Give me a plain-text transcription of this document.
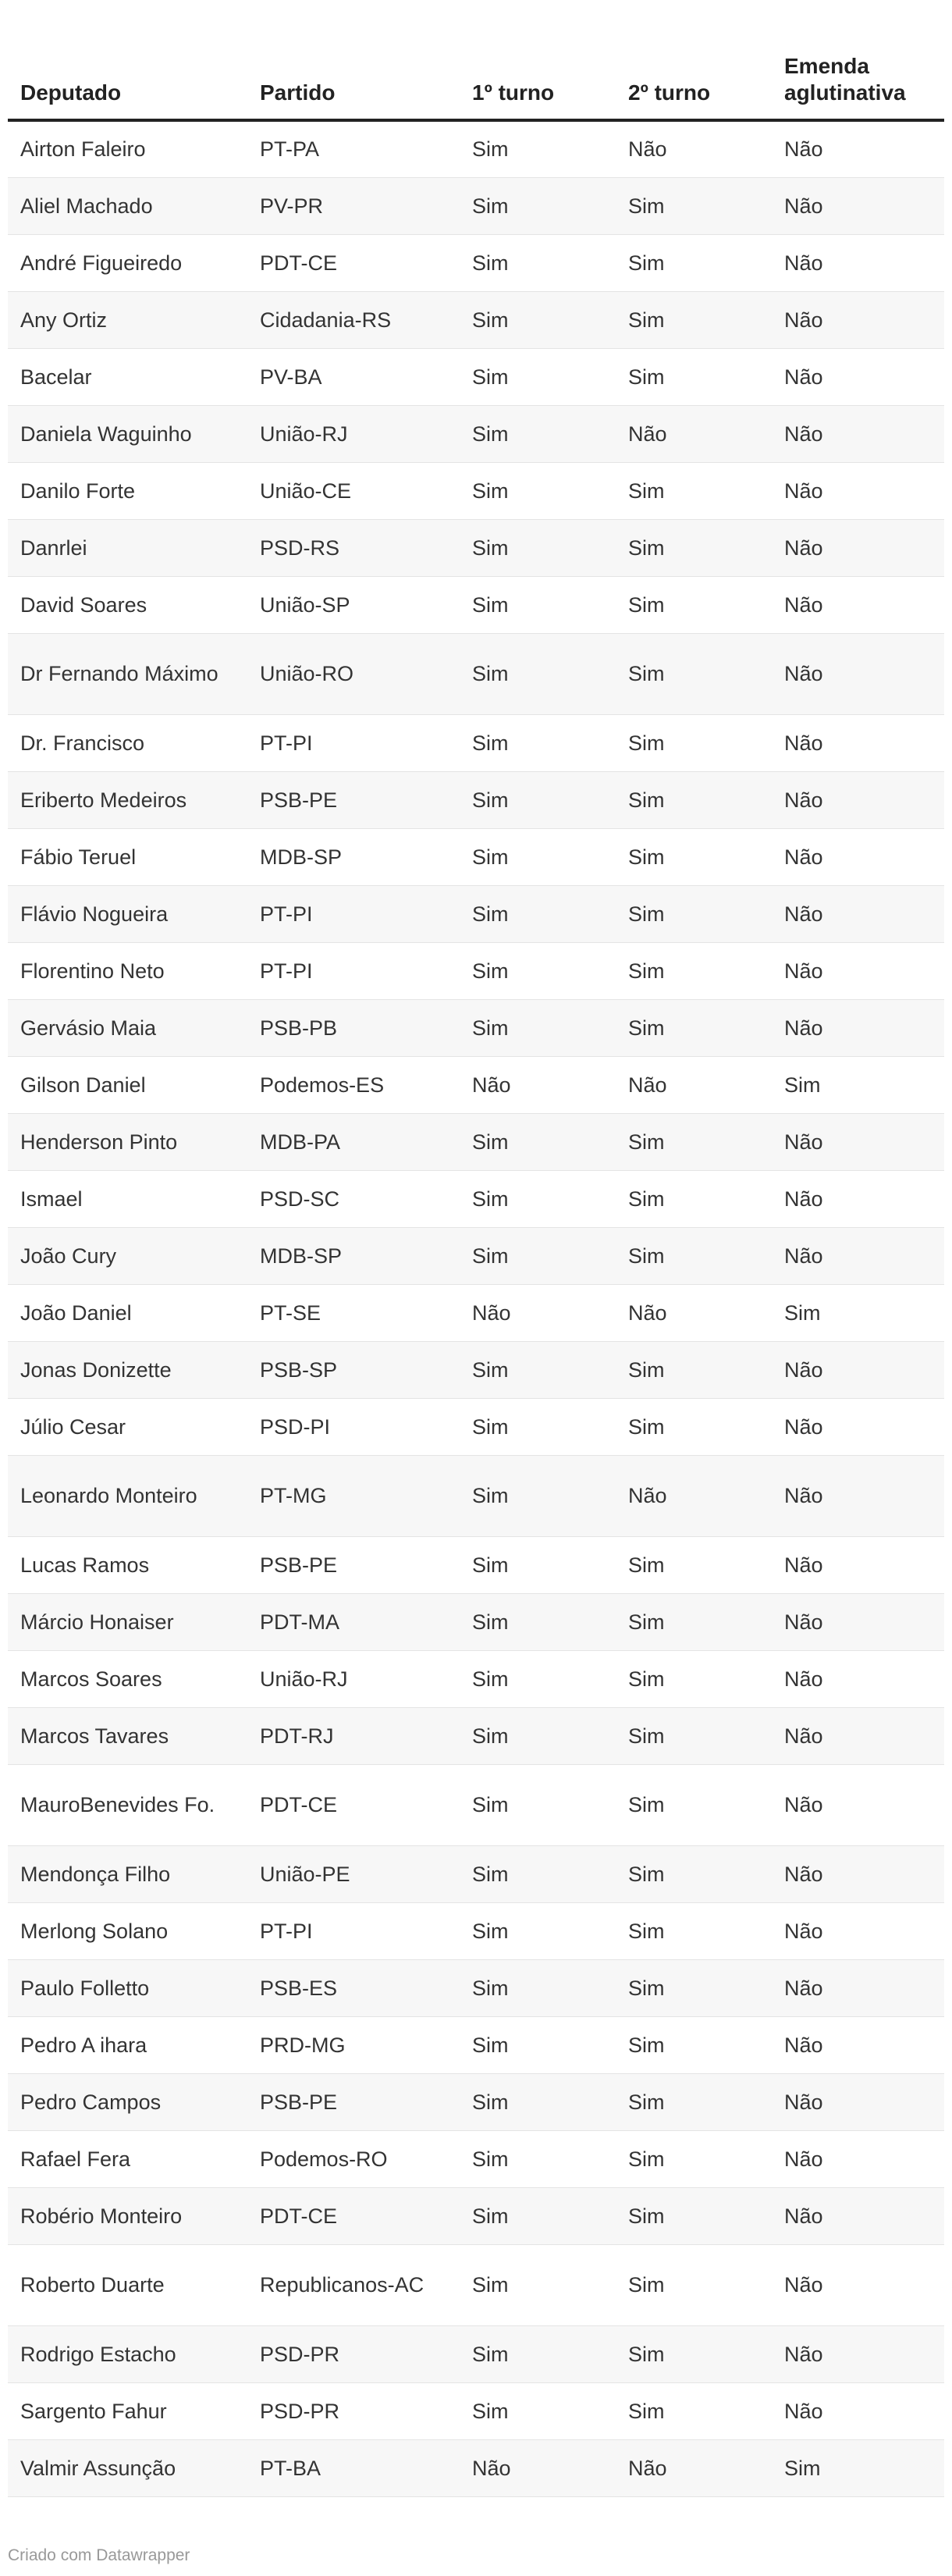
Deputado	Partido	1º turno	2º turno	Emenda aglutinativa
Airton Faleiro	PT-PA	Sim	Não	Não
Aliel Machado	PV-PR	Sim	Sim	Não
André Figueiredo	PDT-CE	Sim	Sim	Não
Any Ortiz	Cidadania-RS	Sim	Sim	Não
Bacelar	PV-BA	Sim	Sim	Não
Daniela Waguinho	União-RJ	Sim	Não	Não
Danilo Forte	União-CE	Sim	Sim	Não
Danrlei	PSD-RS	Sim	Sim	Não
David Soares	União-SP	Sim	Sim	Não
Dr Fernando Máximo	União-RO	Sim	Sim	Não
Dr. Francisco	PT-PI	Sim	Sim	Não
Eriberto Medeiros	PSB-PE	Sim	Sim	Não
Fábio Teruel	MDB-SP	Sim	Sim	Não
Flávio Nogueira	PT-PI	Sim	Sim	Não
Florentino Neto	PT-PI	Sim	Sim	Não
Gervásio Maia	PSB-PB	Sim	Sim	Não
Gilson Daniel	Podemos-ES	Não	Não	Sim
Henderson Pinto	MDB-PA	Sim	Sim	Não
Ismael	PSD-SC	Sim	Sim	Não
João Cury	MDB-SP	Sim	Sim	Não
João Daniel	PT-SE	Não	Não	Sim
Jonas Donizette	PSB-SP	Sim	Sim	Não
Júlio Cesar	PSD-PI	Sim	Sim	Não
Leonardo Monteiro	PT-MG	Sim	Não	Não
Lucas Ramos	PSB-PE	Sim	Sim	Não
Márcio Honaiser	PDT-MA	Sim	Sim	Não
Marcos Soares	União-RJ	Sim	Sim	Não
Marcos Tavares	PDT-RJ	Sim	Sim	Não
MauroBenevides Fo.	PDT-CE	Sim	Sim	Não
Mendonça Filho	União-PE	Sim	Sim	Não
Merlong Solano	PT-PI	Sim	Sim	Não
Paulo Folletto	PSB-ES	Sim	Sim	Não
Pedro A ihara	PRD-MG	Sim	Sim	Não
Pedro Campos	PSB-PE	Sim	Sim	Não
Rafael Fera	Podemos-RO	Sim	Sim	Não
Robério Monteiro	PDT-CE	Sim	Sim	Não
Roberto Duarte	Republicanos-AC	Sim	Sim	Não
Rodrigo Estacho	PSD-PR	Sim	Sim	Não
Sargento Fahur	PSD-PR	Sim	Sim	Não
Valmir Assunção	PT-BA	Não	Não	Sim
Criado com Datawrapper
